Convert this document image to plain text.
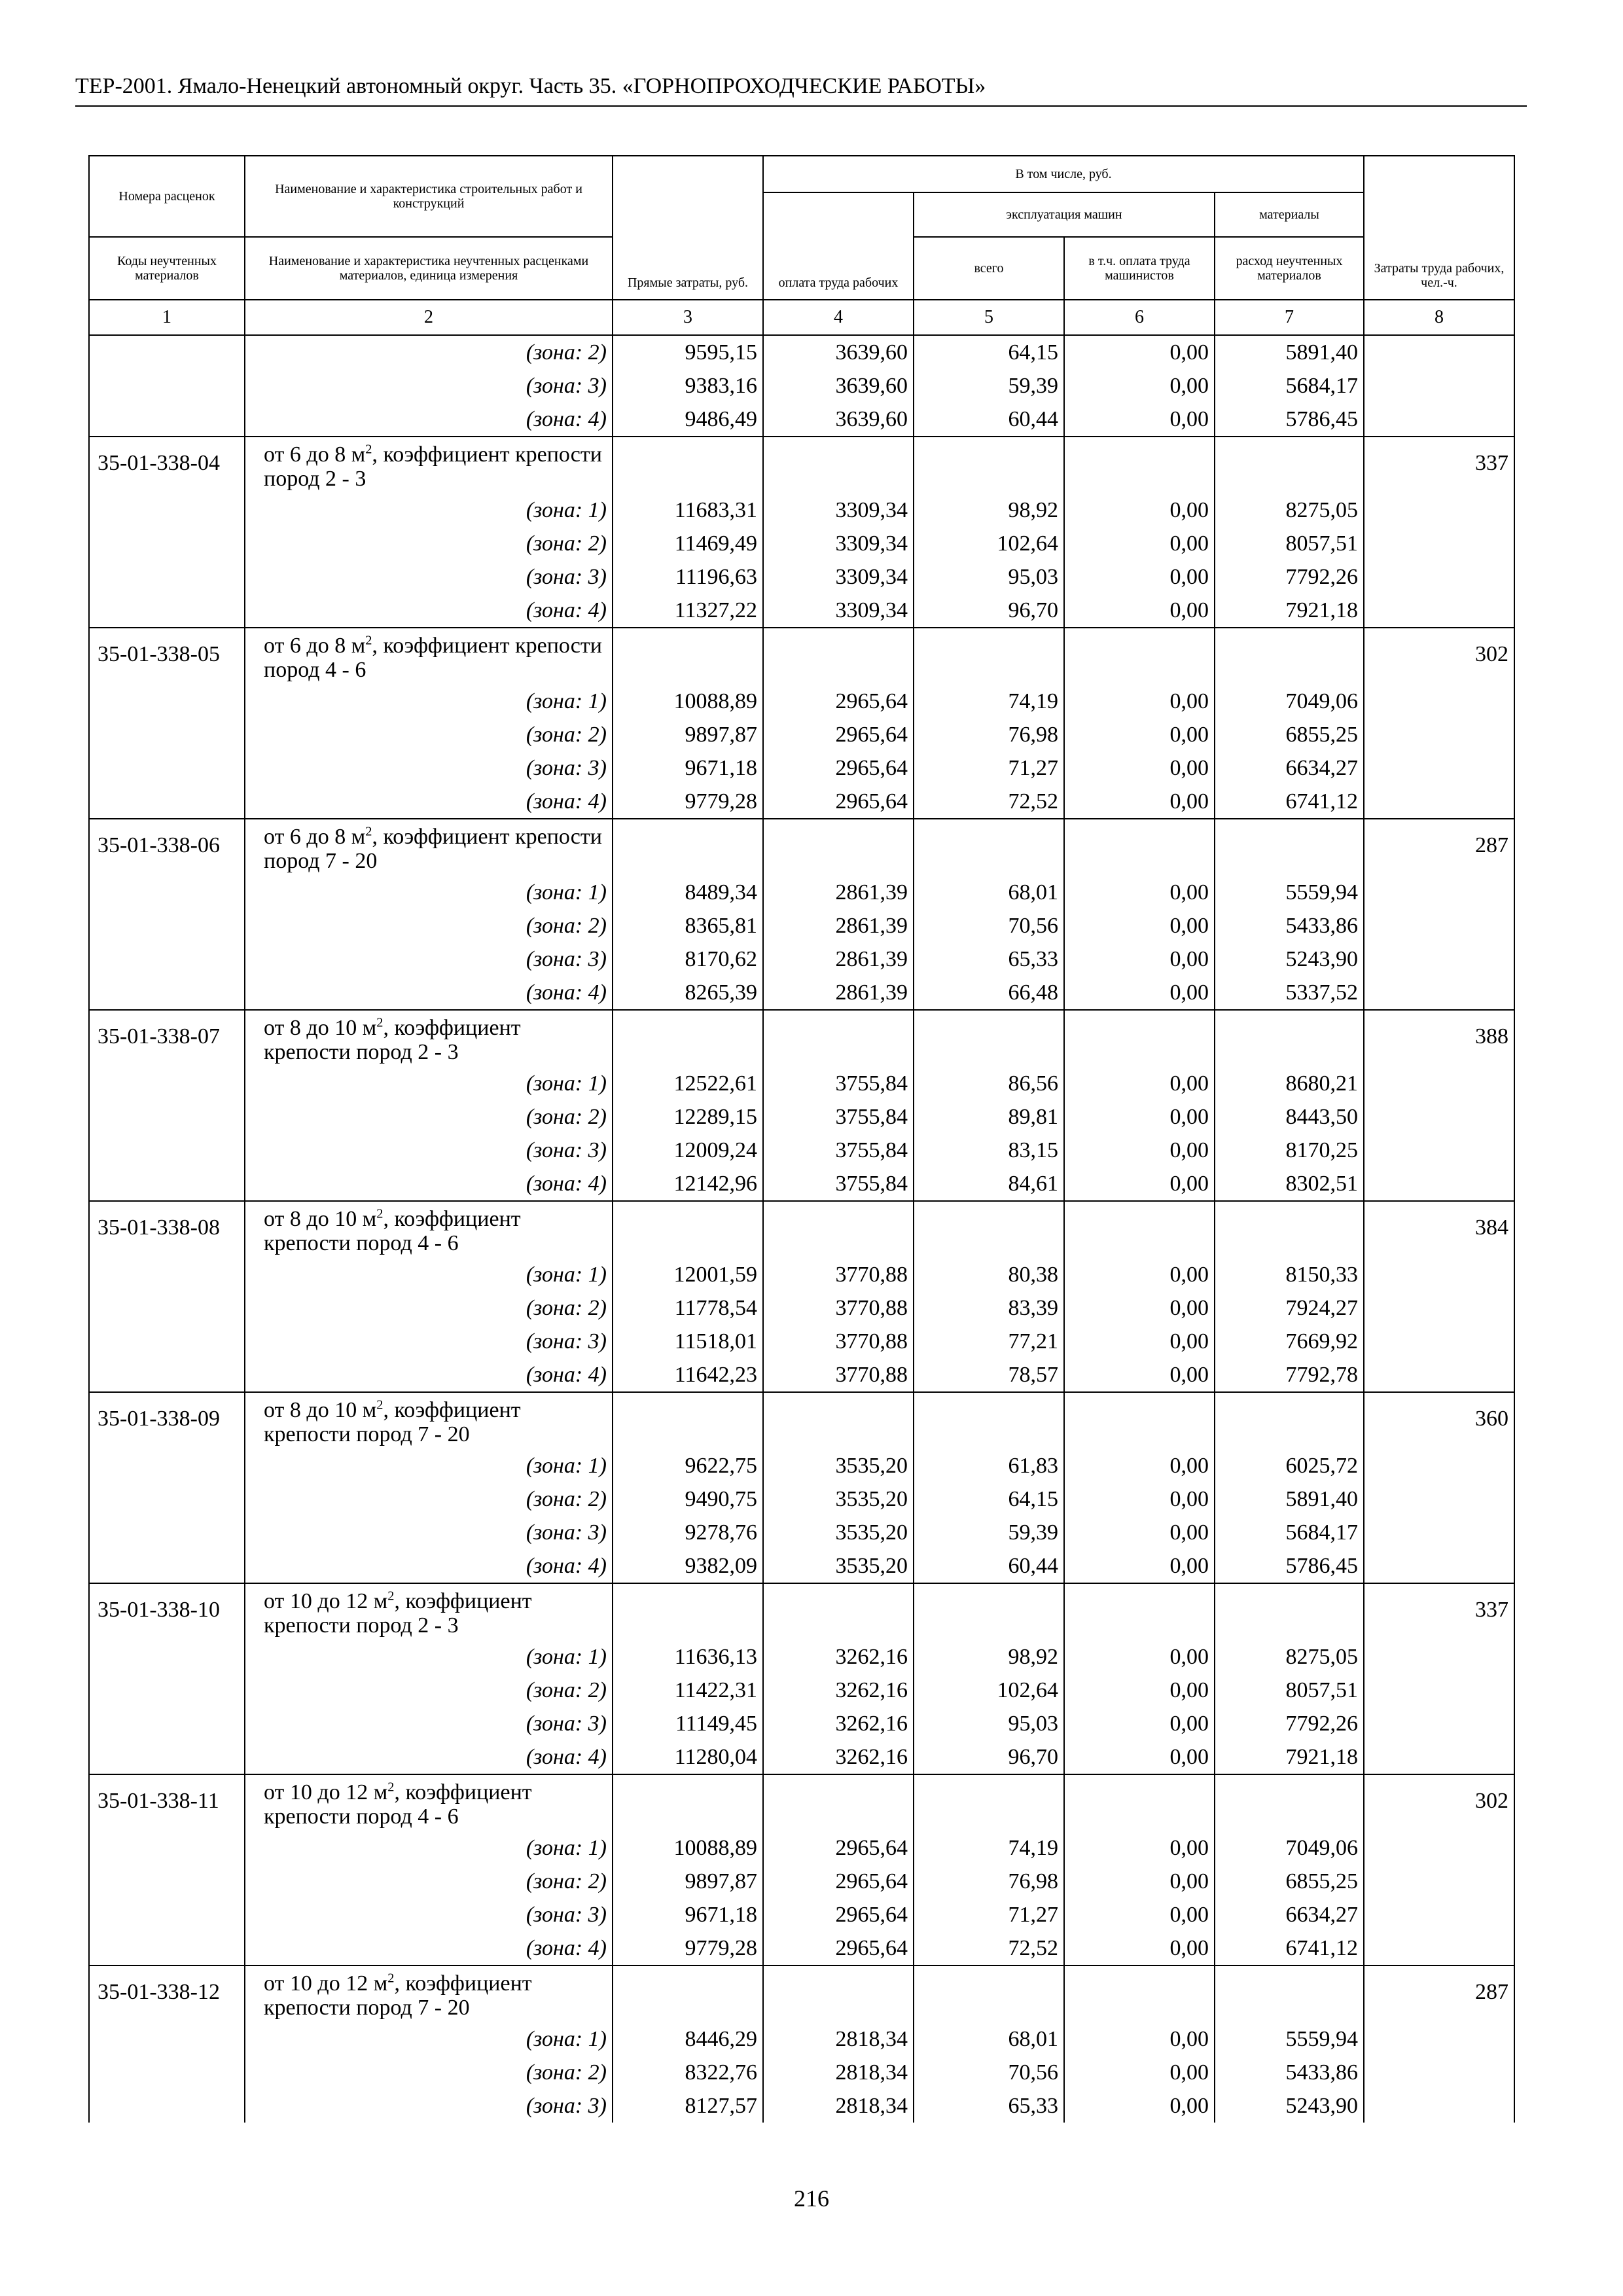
ТЕР-2001. Ямало-Ненецкий автономный округ. Часть 35. «ГОРНОПРОХОДЧЕСКИЕ РАБОТЫ»
Номера расценок	Наименование и характеристика строительных работ и конструкций	Прямые затраты, руб.	В том числе, руб.				Затраты труда рабочих, чел.-ч.
			оплата труда рабочих	эксплуатация машин		материалы	
Коды неучтенных материалов	Наименование и характеристика неучтенных расценками материалов, единица измерения			всего	в т.ч. оплата труда машинистов	расход неучтенных материалов	
1	2	3	4	5	6	7	8
	(зона: 2)	9595,15	3639,60	64,15	0,00	5891,40	
	(зона: 3)	9383,16	3639,60	59,39	0,00	5684,17	
	(зона: 4)	9486,49	3639,60	60,44	0,00	5786,45	
35-01-338-04	от 6 до 8 $м^2$, коэффициент крепости пород 2 - 3						337
	(зона: 1)	11683,31	3309,34	98,92	0,00	8275,05	
	(зона: 2)	11469,49	3309,34	102,64	0,00	8057,51	
	(зона: 3)	11196,63	3309,34	95,03	0,00	7792,26	
	(зона: 4)	11327,22	3309,34	96,70	0,00	7921,18	
35-01-338-05	от 6 до 8 $м^2$, коэффициент крепости пород 4 - 6						302
	(зона: 1)	10088,89	2965,64	74,19	0,00	7049,06	
	(зона: 2)	9897,87	2965,64	76,98	0,00	6855,25	
	(зона: 3)	9671,18	2965,64	71,27	0,00	6634,27	
	(зона: 4)	9779,28	2965,64	72,52	0,00	6741,12	
35-01-338-06	от 6 до 8 $м^2$, коэффициент крепости пород 7 - 20						287
	(зона: 1)	8489,34	2861,39	68,01	0,00	5559,94	
	(зона: 2)	8365,81	2861,39	70,56	0,00	5433,86	
	(зона: 3)	8170,62	2861,39	65,33	0,00	5243,90	
	(зона: 4)	8265,39	2861,39	66,48	0,00	5337,52	
35-01-338-07	от 8 до 10 $м^2$, коэффициент крепости пород 2 - 3						388
	(зона: 1)	12522,61	3755,84	86,56	0,00	8680,21	
	(зона: 2)	12289,15	3755,84	89,81	0,00	8443,50	
	(зона: 3)	12009,24	3755,84	83,15	0,00	8170,25	
	(зона: 4)	12142,96	3755,84	84,61	0,00	8302,51	
35-01-338-08	от 8 до 10 $м^2$, коэффициент крепости пород 4 - 6						384
	(зона: 1)	12001,59	3770,88	80,38	0,00	8150,33	
	(зона: 2)	11778,54	3770,88	83,39	0,00	7924,27	
	(зона: 3)	11518,01	3770,88	77,21	0,00	7669,92	
	(зона: 4)	11642,23	3770,88	78,57	0,00	7792,78	
35-01-338-09	от 8 до 10 $м^2$, коэффициент крепости пород 7 - 20						360
	(зона: 1)	9622,75	3535,20	61,83	0,00	6025,72	
	(зона: 2)	9490,75	3535,20	64,15	0,00	5891,40	
	(зона: 3)	9278,76	3535,20	59,39	0,00	5684,17	
	(зона: 4)	9382,09	3535,20	60,44	0,00	5786,45	
35-01-338-10	от 10 до 12 $м^2$, коэффициент крепости пород 2 - 3						337
	(зона: 1)	11636,13	3262,16	98,92	0,00	8275,05	
	(зона: 2)	11422,31	3262,16	102,64	0,00	8057,51	
	(зона: 3)	11149,45	3262,16	95,03	0,00	7792,26	
	(зона: 4)	11280,04	3262,16	96,70	0,00	7921,18	
35-01-338-11	от 10 до 12 $м^2$, коэффициент крепости пород 4 - 6						302
	(зона: 1)	10088,89	2965,64	74,19	0,00	7049,06	
	(зона: 2)	9897,87	2965,64	76,98	0,00	6855,25	
	(зона: 3)	9671,18	2965,64	71,27	0,00	6634,27	
	(зона: 4)	9779,28	2965,64	72,52	0,00	6741,12	
35-01-338-12	от 10 до 12 $м^2$, коэффициент крепости пород 7 - 20						287
	(зона: 1)	8446,29	2818,34	68,01	0,00	5559,94	
	(зона: 2)	8322,76	2818,34	70,56	0,00	5433,86	
	(зона: 3)	8127,57	2818,34	65,33	0,00	5243,90	
216
